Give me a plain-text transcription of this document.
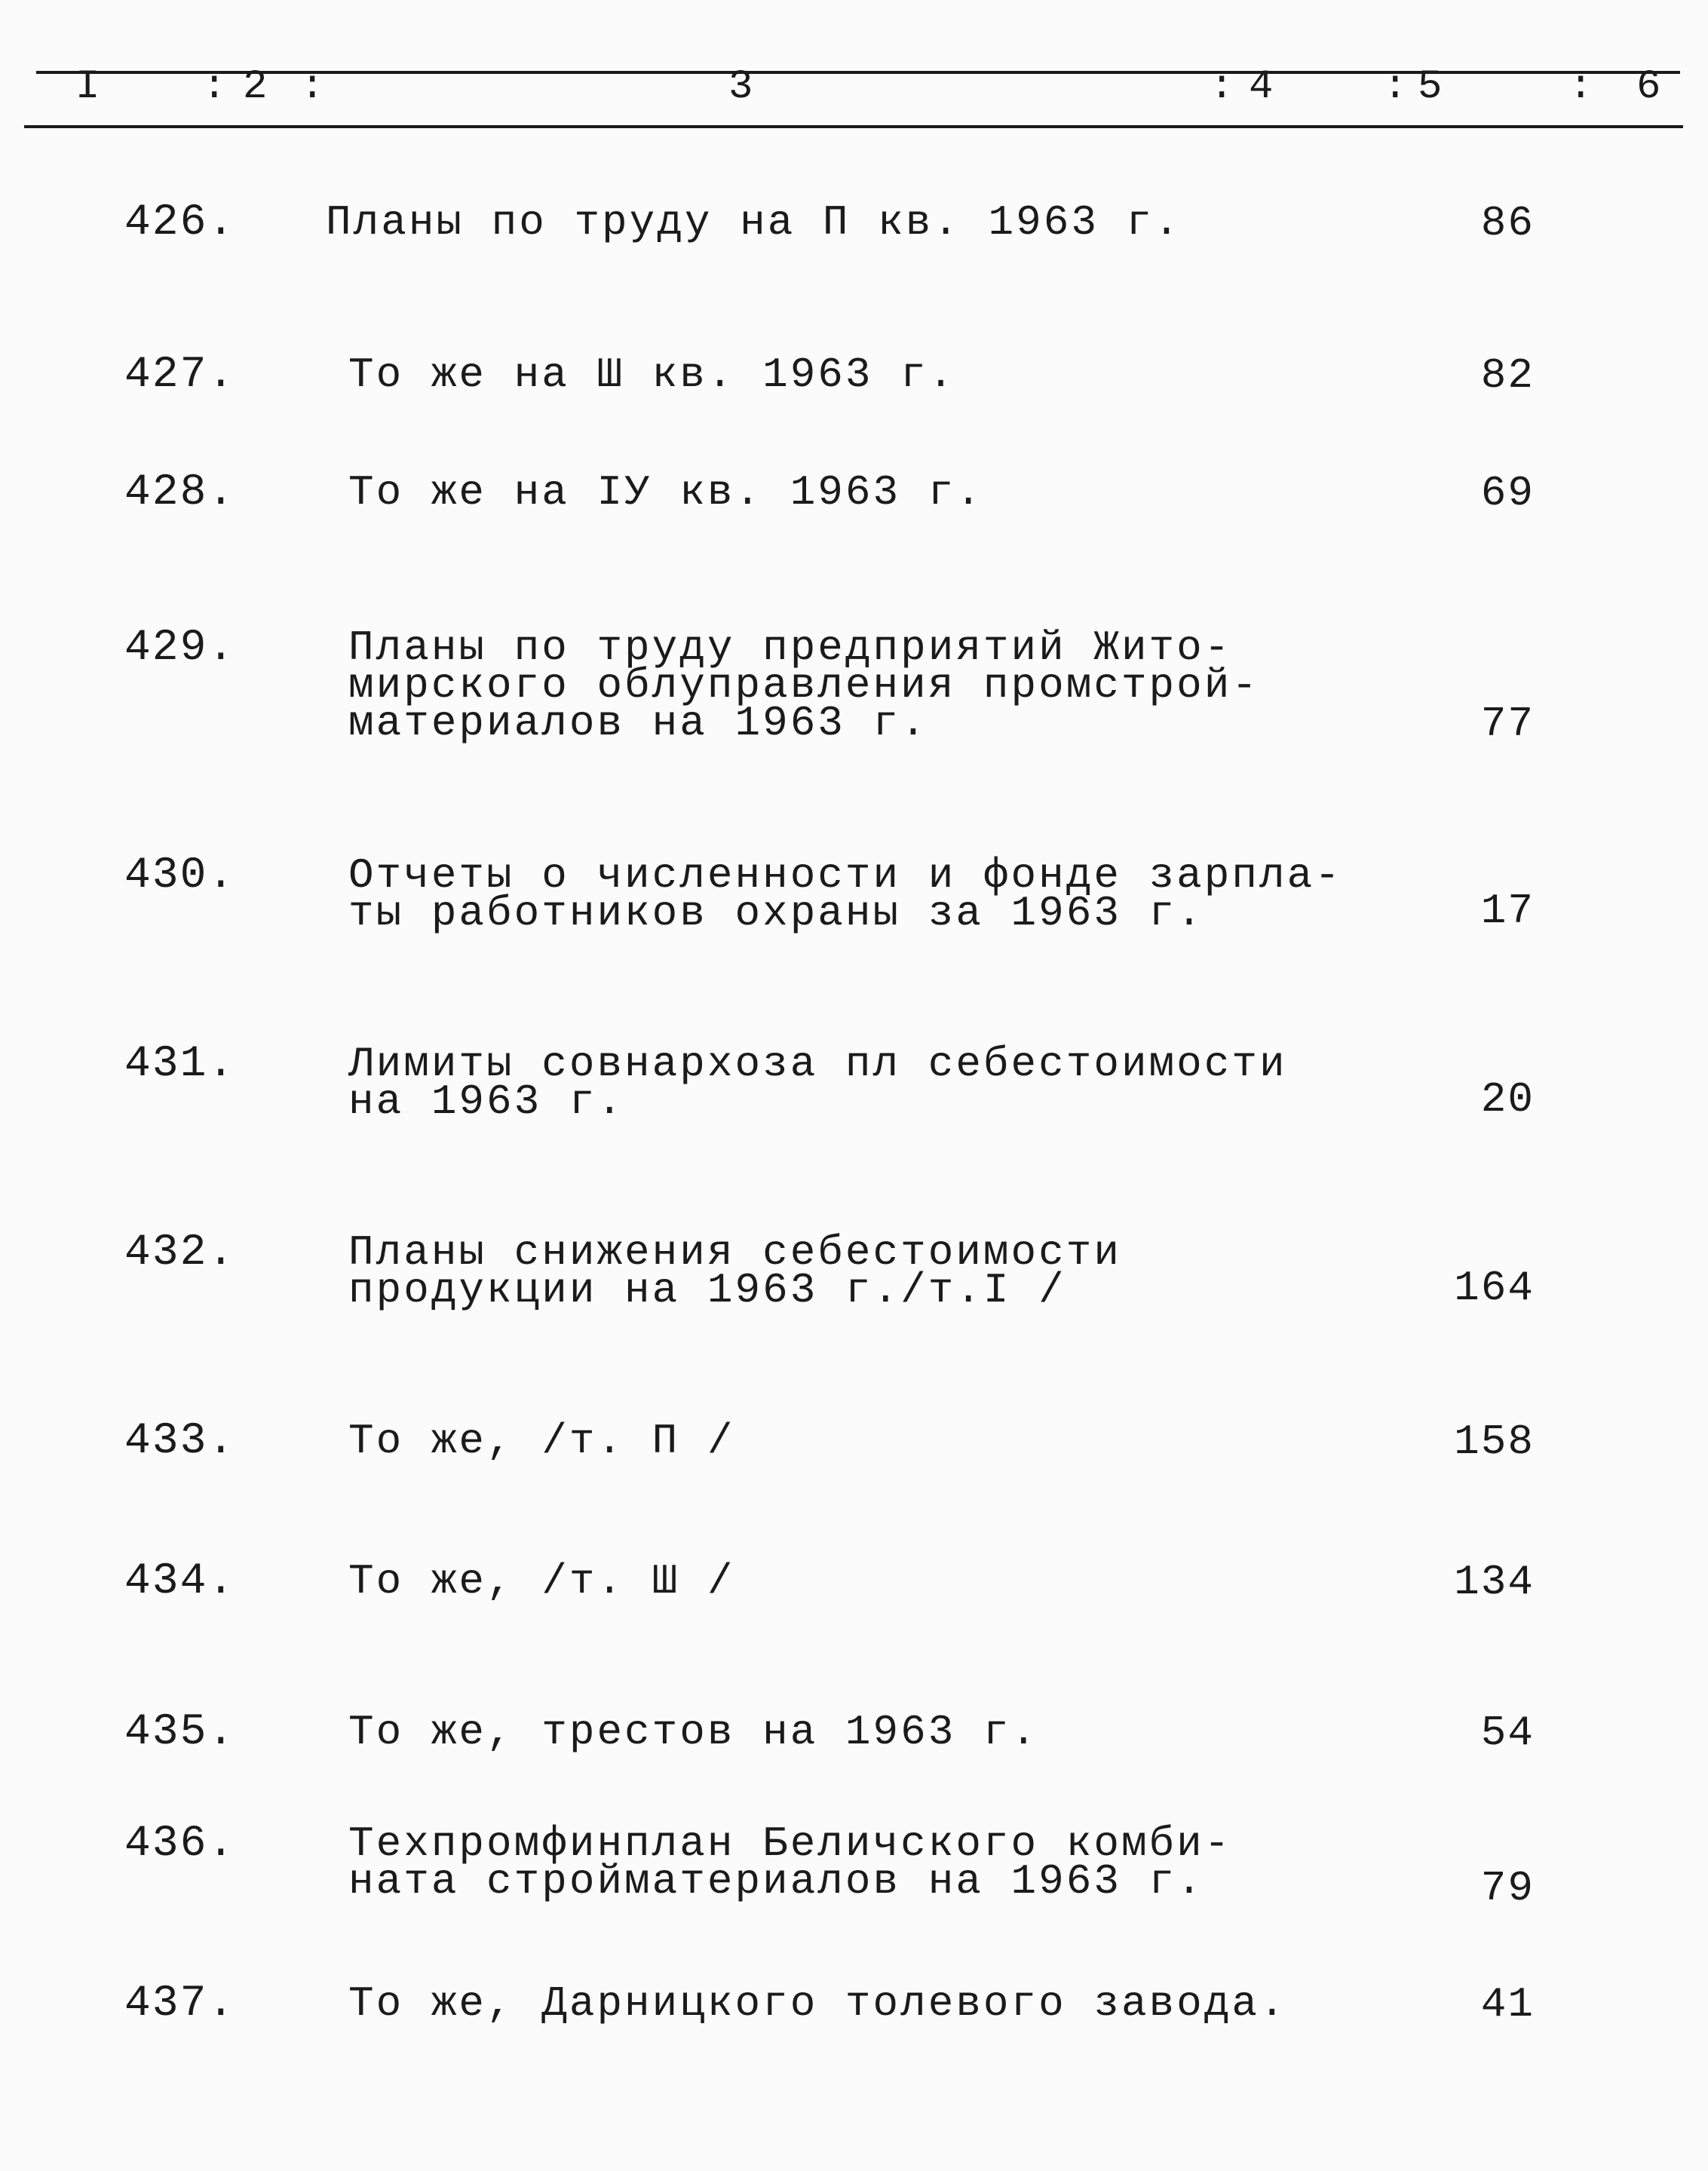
I : 2 :	3	: 4	: 5	: 6
426. Планы по труду на П кв. 1963 г.	86
427.	То же на Ш кв. 1963 г.	82
428.	То же на IУ кв. 1963 г.	69
429.	Планы по труду предприятий Жито-
мирского облуправления промстрой-
материалов на 1963 г.	77
430.	Отчеты о численности и фонде зарпла-
ты работников охраны за 1963 г.	17
431.	Лимиты совнархоза пл себестоимости
на 1963 г.	20
432.	Планы снижения себестоимости
продукции на 1963 г./т.I /	164
433.	То же, /т. П /	158
434.	То же, /т. Ш /	134
435.	То же, трестов на 1963 г.	54
436.	Техпромфинплан Беличского комби-
ната стройматериалов на 1963 г.	79
437.	То же, Дарницкого толевого завода.	41
